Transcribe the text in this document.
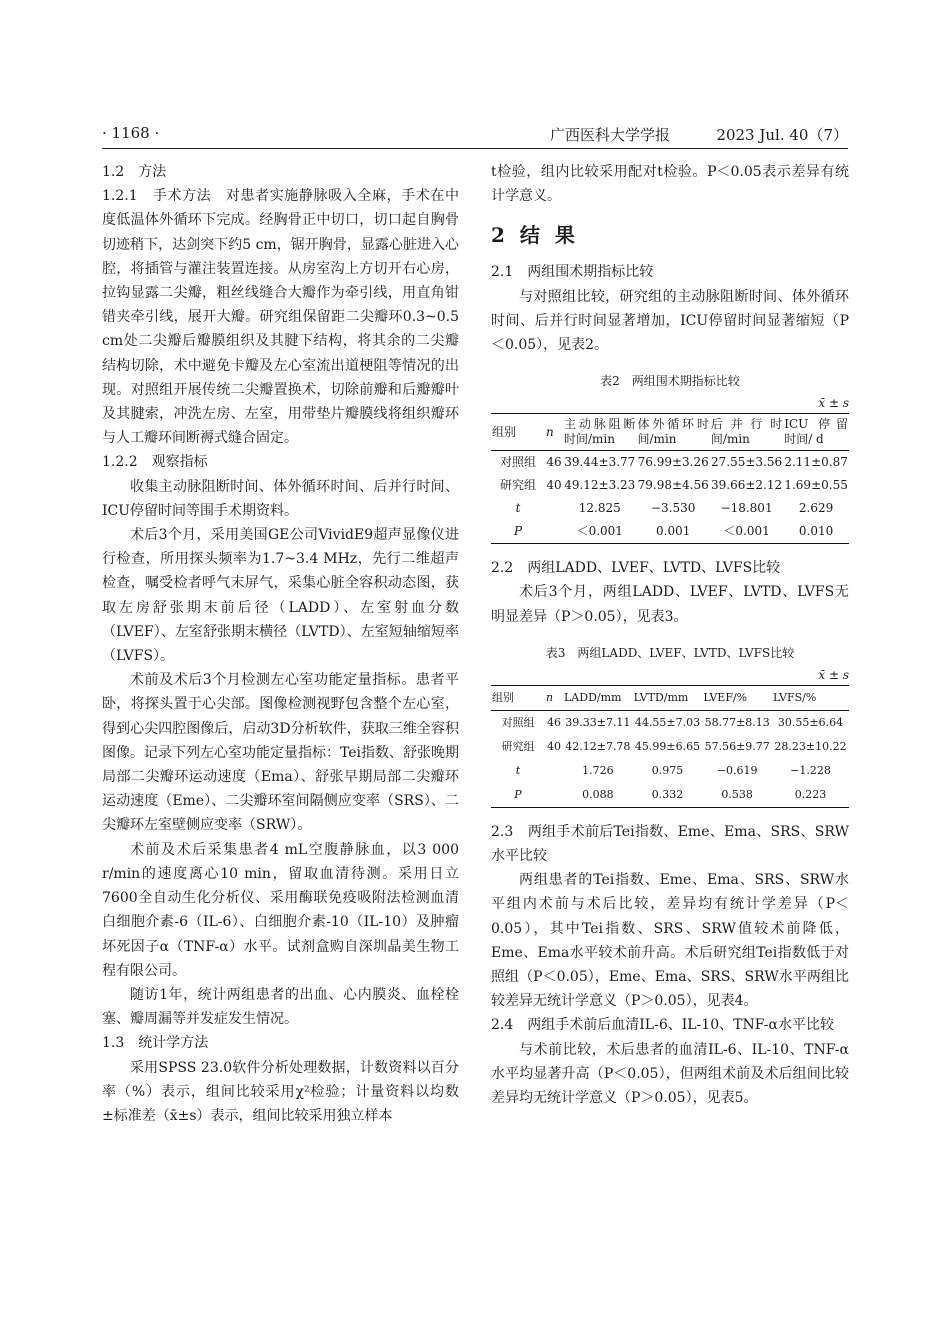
· 1168 ·	广西医科大学学报	2023 Jul. 40（7）

1.2　方法

1.2.1　手术方法　对患者实施静脉吸入全麻，手术在中度低温体外循环下完成。经胸骨正中切口，切口起自胸骨切迹稍下，达剑突下约5 cm，锯开胸骨，显露心脏进入心腔，将插管与灌注装置连接。从房室沟上方切开右心房，拉钩显露二尖瓣，粗丝线缝合大瓣作为牵引线，用直角钳错夹牵引线，展开大瓣。研究组保留距二尖瓣环0.3~0.5 cm处二尖瓣后瓣膜组织及其腱下结构，将其余的二尖瓣结构切除，术中避免卡瓣及左心室流出道梗阻等情况的出现。对照组开展传统二尖瓣置换术，切除前瓣和后瓣瓣叶及其腱索，冲洗左房、左室，用带垫片瓣膜线将组织瓣环与人工瓣环间断褥式缝合固定。

1.2.2　观察指标

收集主动脉阻断时间、体外循环时间、后并行时间、ICU停留时间等围手术期资料。

术后3个月，采用美国GE公司VividE9超声显像仪进行检查，所用探头频率为1.7~3.4 MHz，先行二维超声检查，嘱受检者呼气末屏气，采集心脏全容积动态图，获取左房舒张期末前后径（LADD）、左室射血分数（LVEF）、左室舒张期末横径（LVTD）、左室短轴缩短率（LVFS）。

术前及术后3个月检测左心室功能定量指标。患者平卧，将探头置于心尖部。图像检测视野包含整个左心室，得到心尖四腔图像后，启动3D分析软件，获取三维全容积图像。记录下列左心室功能定量指标：Tei指数、舒张晚期局部二尖瓣环运动速度（Ema）、舒张早期局部二尖瓣环运动速度（Eme）、二尖瓣环室间隔侧应变率（SRS）、二尖瓣环左室壁侧应变率（SRW）。

术前及术后采集患者4 mL空腹静脉血，以3 000 r/min的速度离心10 min，留取血清待测。采用日立7600全自动生化分析仪、采用酶联免疫吸附法检测血清白细胞介素-6（IL-6）、白细胞介素-10（IL-10）及肿瘤坏死因子α（TNF-α）水平。试剂盒购自深圳晶美生物工程有限公司。

随访1年，统计两组患者的出血、心内膜炎、血栓栓塞、瓣周漏等并发症发生情况。

1.3　统计学方法

采用SPSS 23.0软件分析处理数据，计数资料以百分率（%）表示，组间比较采用χ²检验；计量资料以均数±标准差（x̄±s）表示，组间比较采用独立样本

t检验，组内比较采用配对t检验。P＜0.05表示差异有统计学意义。

2 结 果

2.1　两组围术期指标比较

与对照组比较，研究组的主动脉阻断时间、体外循环时间、后并行时间显著增加，ICU停留时间显著缩短（P＜0.05），见表2。

表2　两组围术期指标比较
x̄ ± s
组别	n	主动脉阻断时间/min	体外循环时间/min	后并行时间/min	ICU 停留时间/ d
对照组	46	39.44±3.77	76.99±3.26	27.55±3.56	2.11±0.87
研究组	40	49.12±3.23	79.98±4.56	39.66±2.12	1.69±0.55
t		12.825	−3.530	−18.801	2.629
P		＜0.001	0.001	＜0.001	0.010

2.2　两组LADD、LVEF、LVTD、LVFS比较

术后3个月，两组LADD、LVEF、LVTD、LVFS无明显差异（P＞0.05），见表3。

表3　两组LADD、LVEF、LVTD、LVFS比较
x̄ ± s
组别	n	LADD/mm	LVTD/mm	LVEF/%	LVFS/%
对照组	46	39.33±7.11	44.55±7.03	58.77±8.13	30.55±6.64
研究组	40	42.12±7.78	45.99±6.65	57.56±9.77	28.23±10.22
t		1.726	0.975	−0.619	−1.228
P		0.088	0.332	0.538	0.223

2.3　两组手术前后Tei指数、Eme、Ema、SRS、SRW水平比较

两组患者的Tei指数、Eme、Ema、SRS、SRW水平组内术前与术后比较，差异均有统计学差异（P＜0.05），其中Tei指数、SRS、SRW值较术前降低，Eme、Ema水平较术前升高。术后研究组Tei指数低于对照组（P＜0.05），Eme、Ema、SRS、SRW水平两组比较差异无统计学意义（P＞0.05），见表4。

2.4　两组手术前后血清IL-6、IL-10、TNF-α水平比较

与术前比较，术后患者的血清IL-6、IL-10、TNF-α水平均显著升高（P＜0.05），但两组术前及术后组间比较差异均无统计学意义（P＞0.05），见表5。
